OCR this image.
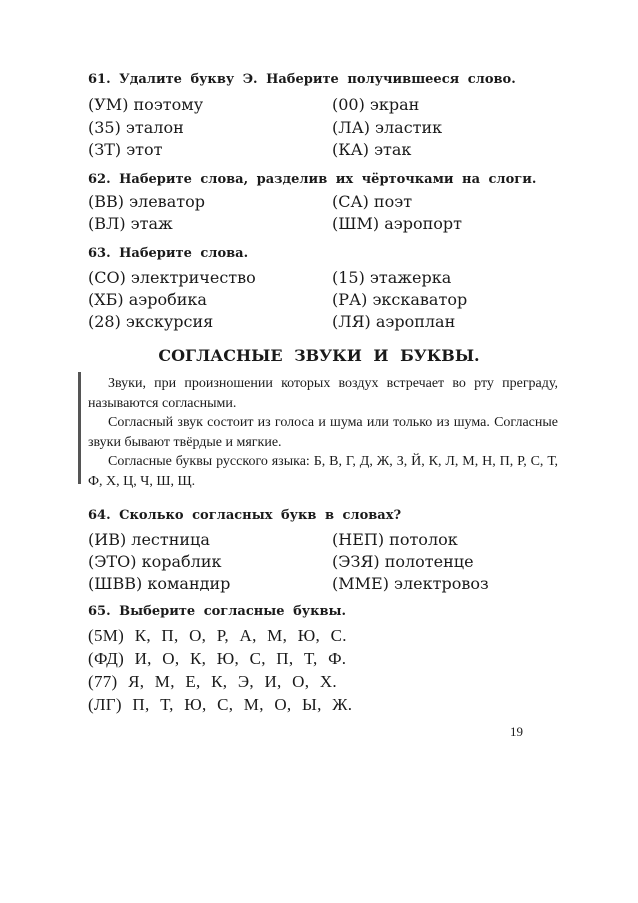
61. Удалите букву Э. Наберите получившееся слово.
(УМ) поэтому	(00) экран
(35) эталон	(ЛА) эластик
(ЗТ) этот	(КА) этак
62. Наберите слова, разделив их чёрточками на слоги.
(ВВ) элеватор	(СА) поэт
(ВЛ) этаж	(ШМ) аэропорт
63. Наберите слова.
(СО) электричество	(15) этажерка
(ХБ) аэробика	(РА) экскаватор
(28) экскурсия	(ЛЯ) аэроплан
СОГЛАСНЫЕ ЗВУКИ И БУКВЫ.

Звуки, при произношении которых воздух встречает во рту преграду, называются согласными.

Согласный звук состоит из голоса и шума или только из шума. Согласные звуки бывают твёрдые и мягкие.

Согласные буквы русского языка: Б, В, Г, Д, Ж, З, Й, К, Л, М, Н, П, Р, С, Т, Ф, Х, Ц, Ч, Ш, Щ.

64. Сколько согласных букв в словах?
(ИВ) лестница	(НЕП) потолок
(ЭТО) кораблик	(ЭЗЯ) полотенце
(ШВВ) командир	(ММЕ) электровоз
65. Выберите согласные буквы.
(5М) К, П, О, Р, А, М, Ю, С.
(ФД) И, О, К, Ю, С, П, Т, Ф.
(77) Я, М, Е, К, Э, И, О, Х.
(ЛГ) П, Т, Ю, С, М, О, Ы, Ж.
19
